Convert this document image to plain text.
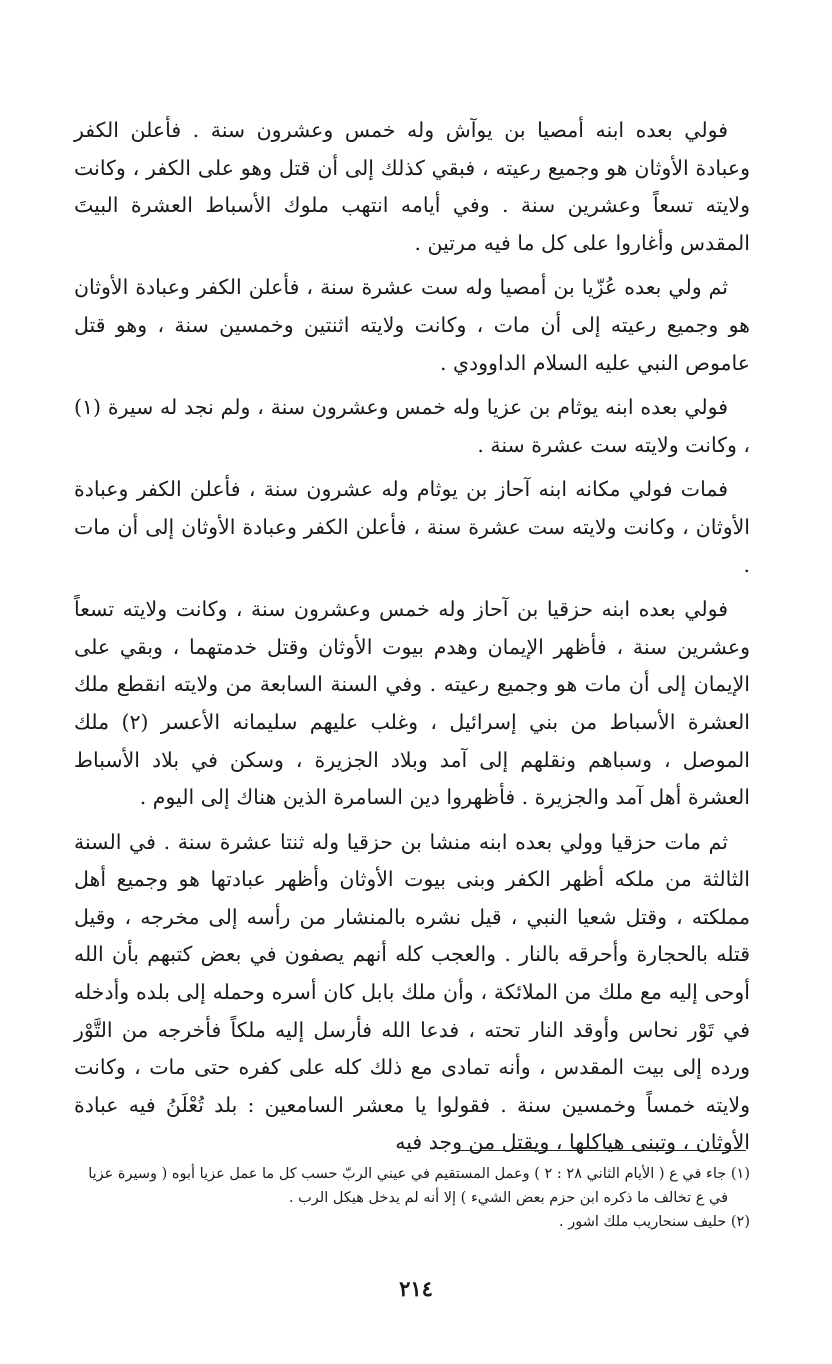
فولي بعده ابنه أمصيا بن يوآش وله خمس وعشرون سنة . فأعلن الكفر وعبادة الأوثان هو وجميع رعيته ، فبقي كذلك إلى أن قتل وهو على الكفر ، وكانت ولايته تسعاً وعشرين سنة . وفي أيامه انتهب ملوك الأسباط العشرة البيتَ المقدس وأغاروا على كل ما فيه مرتين .

ثم ولي بعده عُزّيا بن أمصيا وله ست عشرة سنة ، فأعلن الكفر وعبادة الأوثان هو وجميع رعيته إلى أن مات ، وكانت ولايته اثنتين وخمسين سنة ، وهو قتل عاموص النبي عليه السلام الداوودي .

فولي بعده ابنه يوثام بن عزيا وله خمس وعشرون سنة ، ولم نجد له سيرة (١) ، وكانت ولايته ست عشرة سنة .

فمات فولي مكانه ابنه آحاز بن يوثام وله عشرون سنة ، فأعلن الكفر وعبادة الأوثان ، وكانت ولايته ست عشرة سنة ، فأعلن الكفر وعبادة الأوثان إلى أن مات .

فولي بعده ابنه حزقيا بن آحاز وله خمس وعشرون سنة ، وكانت ولايته تسعاً وعشرين سنة ، فأظهر الإيمان وهدم بيوت الأوثان وقتل خدمتهما ، وبقي على الإيمان إلى أن مات هو وجميع رعيته . وفي السنة السابعة من ولايته انقطع ملك العشرة الأسباط من بني إسرائيل ، وغلب عليهم سليمانه الأعسر (٢) ملك الموصل ، وسباهم ونقلهم إلى آمد وبلاد الجزيرة ، وسكن في بلاد الأسباط العشرة أهل آمد والجزيرة . فأظهروا دين السامرة الذين هناك إلى اليوم .

ثم مات حزقيا وولي بعده ابنه منشا بن حزقيا وله ثنتا عشرة سنة . في السنة الثالثة من ملكه أظهر الكفر وبنى بيوت الأوثان وأظهر عبادتها هو وجميع أهل مملكته ، وقتل شعيا النبي ، قيل نشره بالمنشار من رأسه إلى مخرجه ، وقيل قتله بالحجارة وأحرقه بالنار . والعجب كله أنهم يصفون في بعض كتبهم بأن الله أوحى إليه مع ملك من الملائكة ، وأن ملك بابل كان أسره وحمله إلى بلده وأدخله في تَوْر نحاس وأوقد النار تحته ، فدعا الله فأرسل إليه ملكاً فأخرجه من التَّوْر ورده إلى بيت المقدس ، وأنه تمادى مع ذلك كله على كفره حتى مات ، وكانت ولايته خمساً وخمسين سنة . فقولوا يا معشر السامعين : بلد تُعْلَنُ فيه عبادة الأوثان ، وتبنى هياكلها ، ويقتل من وجد فيه

(١) جاء في ع ( الأيام الثاني ٢٨ : ٢ ) وعمل المستقيم في عيني الربّ حسب كل ما عمل عزيا أبوه ( وسيرة عزيا

في ع تخالف ما ذكره ابن حزم بعض الشيء ) إلا أنه لم يدخل هيكل الرب .

(٢) حليف سنحاريب ملك اشور .

٢١٤
